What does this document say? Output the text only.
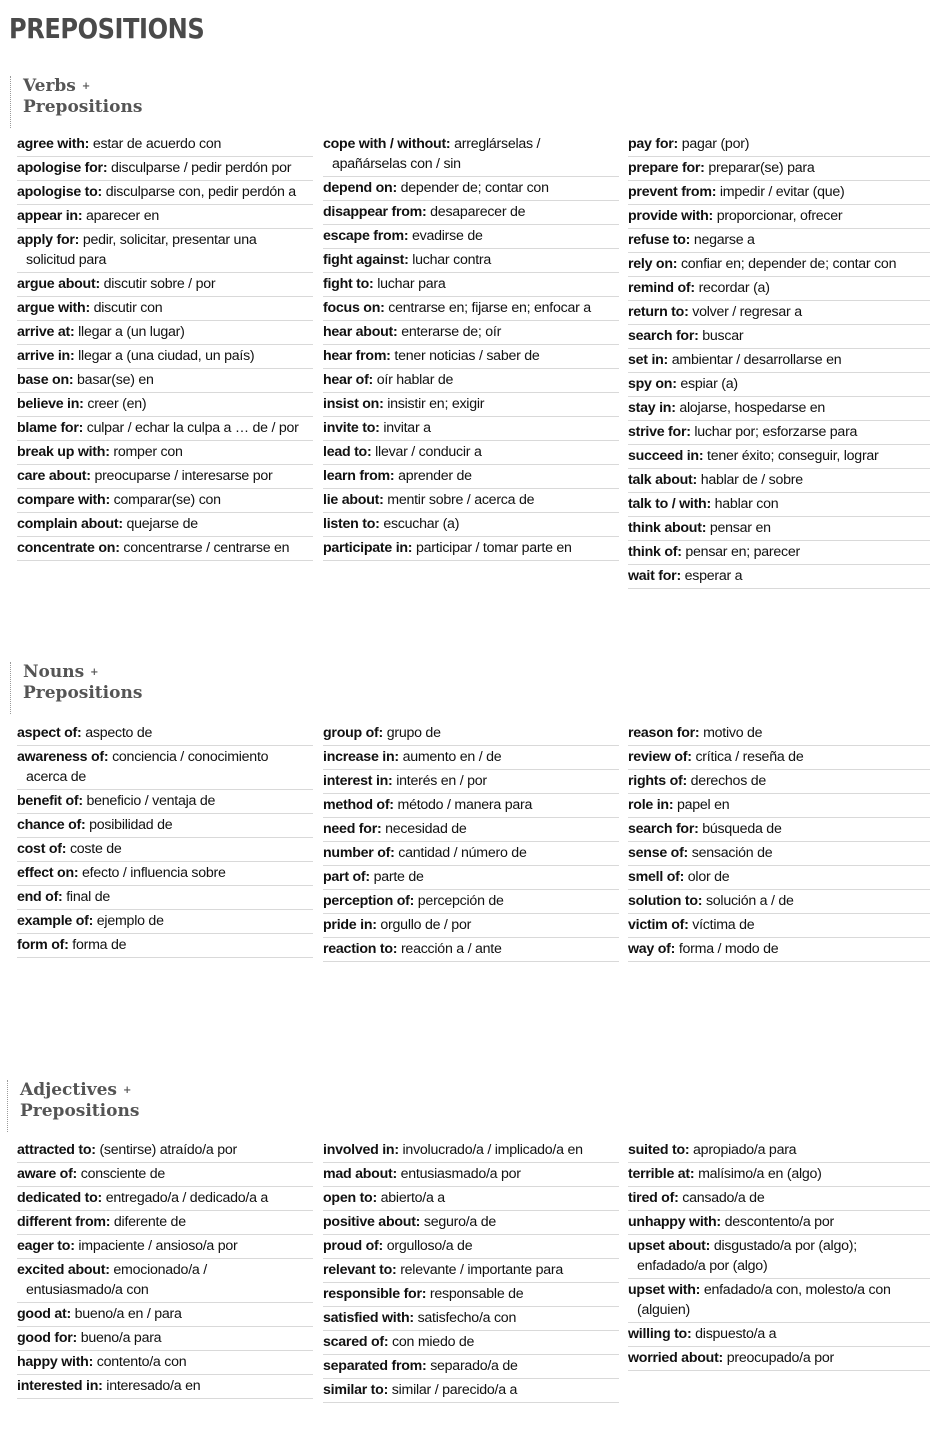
PREPOSITIONS
Verbs +
Prepositions
Nouns +
Prepositions
Adjectives +
Prepositions
agree with: estar de acuerdo con
apologise for: disculparse / pedir perdón por
apologise to: disculparse con, pedir perdón a
appear in: aparecer en
apply for: pedir, solicitar, presentar una
solicitud para
argue about: discutir sobre / por
argue with: discutir con
arrive at: llegar a (un lugar)
arrive in: llegar a (una ciudad, un país)
base on: basar(se) en
believe in: creer (en)
blame for: culpar / echar la culpa a … de / por
break up with: romper con
care about: preocuparse / interesarse por
compare with: comparar(se) con
complain about: quejarse de
concentrate on: concentrarse / centrarse en
cope with / without: arreglárselas /
apañárselas con / sin
depend on: depender de; contar con
disappear from: desaparecer de
escape from: evadirse de
fight against: luchar contra
fight to: luchar para
focus on: centrarse en; fijarse en; enfocar a
hear about: enterarse de; oír
hear from: tener noticias / saber de
hear of: oír hablar de
insist on: insistir en; exigir
invite to: invitar a
lead to: llevar / conducir a
learn from: aprender de
lie about: mentir sobre / acerca de
listen to: escuchar (a)
participate in: participar / tomar parte en
pay for: pagar (por)
prepare for: preparar(se) para
prevent from: impedir / evitar (que)
provide with: proporcionar, ofrecer
refuse to: negarse a
rely on: confiar en; depender de; contar con
remind of: recordar (a)
return to: volver / regresar a
search for: buscar
set in: ambientar / desarrollarse en
spy on: espiar (a)
stay in: alojarse, hospedarse en
strive for: luchar por; esforzarse para
succeed in: tener éxito; conseguir, lograr
talk about: hablar de / sobre
talk to / with: hablar con
think about: pensar en
think of: pensar en; parecer
wait for: esperar a
aspect of: aspecto de
awareness of: conciencia / conocimiento
acerca de
benefit of: beneficio / ventaja de
chance of: posibilidad de
cost of: coste de
effect on: efecto / influencia sobre
end of: final de
example of: ejemplo de
form of: forma de
group of: grupo de
increase in: aumento en / de
interest in: interés en / por
method of: método / manera para
need for: necesidad de
number of: cantidad / número de
part of: parte de
perception of: percepción de
pride in: orgullo de / por
reaction to: reacción a / ante
reason for: motivo de
review of: crítica / reseña de
rights of: derechos de
role in: papel en
search for: búsqueda de
sense of: sensación de
smell of: olor de
solution to: solución a / de
victim of: víctima de
way of: forma / modo de
attracted to: (sentirse) atraído/a por
aware of: consciente de
dedicated to: entregado/a / dedicado/a a
different from: diferente de
eager to: impaciente / ansioso/a por
excited about: emocionado/a /
entusiasmado/a con
good at: bueno/a en / para
good for: bueno/a para
happy with: contento/a con
interested in: interesado/a en
involved in: involucrado/a / implicado/a en
mad about: entusiasmado/a por
open to: abierto/a a
positive about: seguro/a de
proud of: orgulloso/a de
relevant to: relevante / importante para
responsible for: responsable de
satisfied with: satisfecho/a con
scared of: con miedo de
separated from: separado/a de
similar to: similar / parecido/a a
suited to: apropiado/a para
terrible at: malísimo/a en (algo)
tired of: cansado/a de
unhappy with: descontento/a por
upset about: disgustado/a por (algo);
enfadado/a por (algo)
upset with: enfadado/a con, molesto/a con
(alguien)
willing to: dispuesto/a a
worried about: preocupado/a por
